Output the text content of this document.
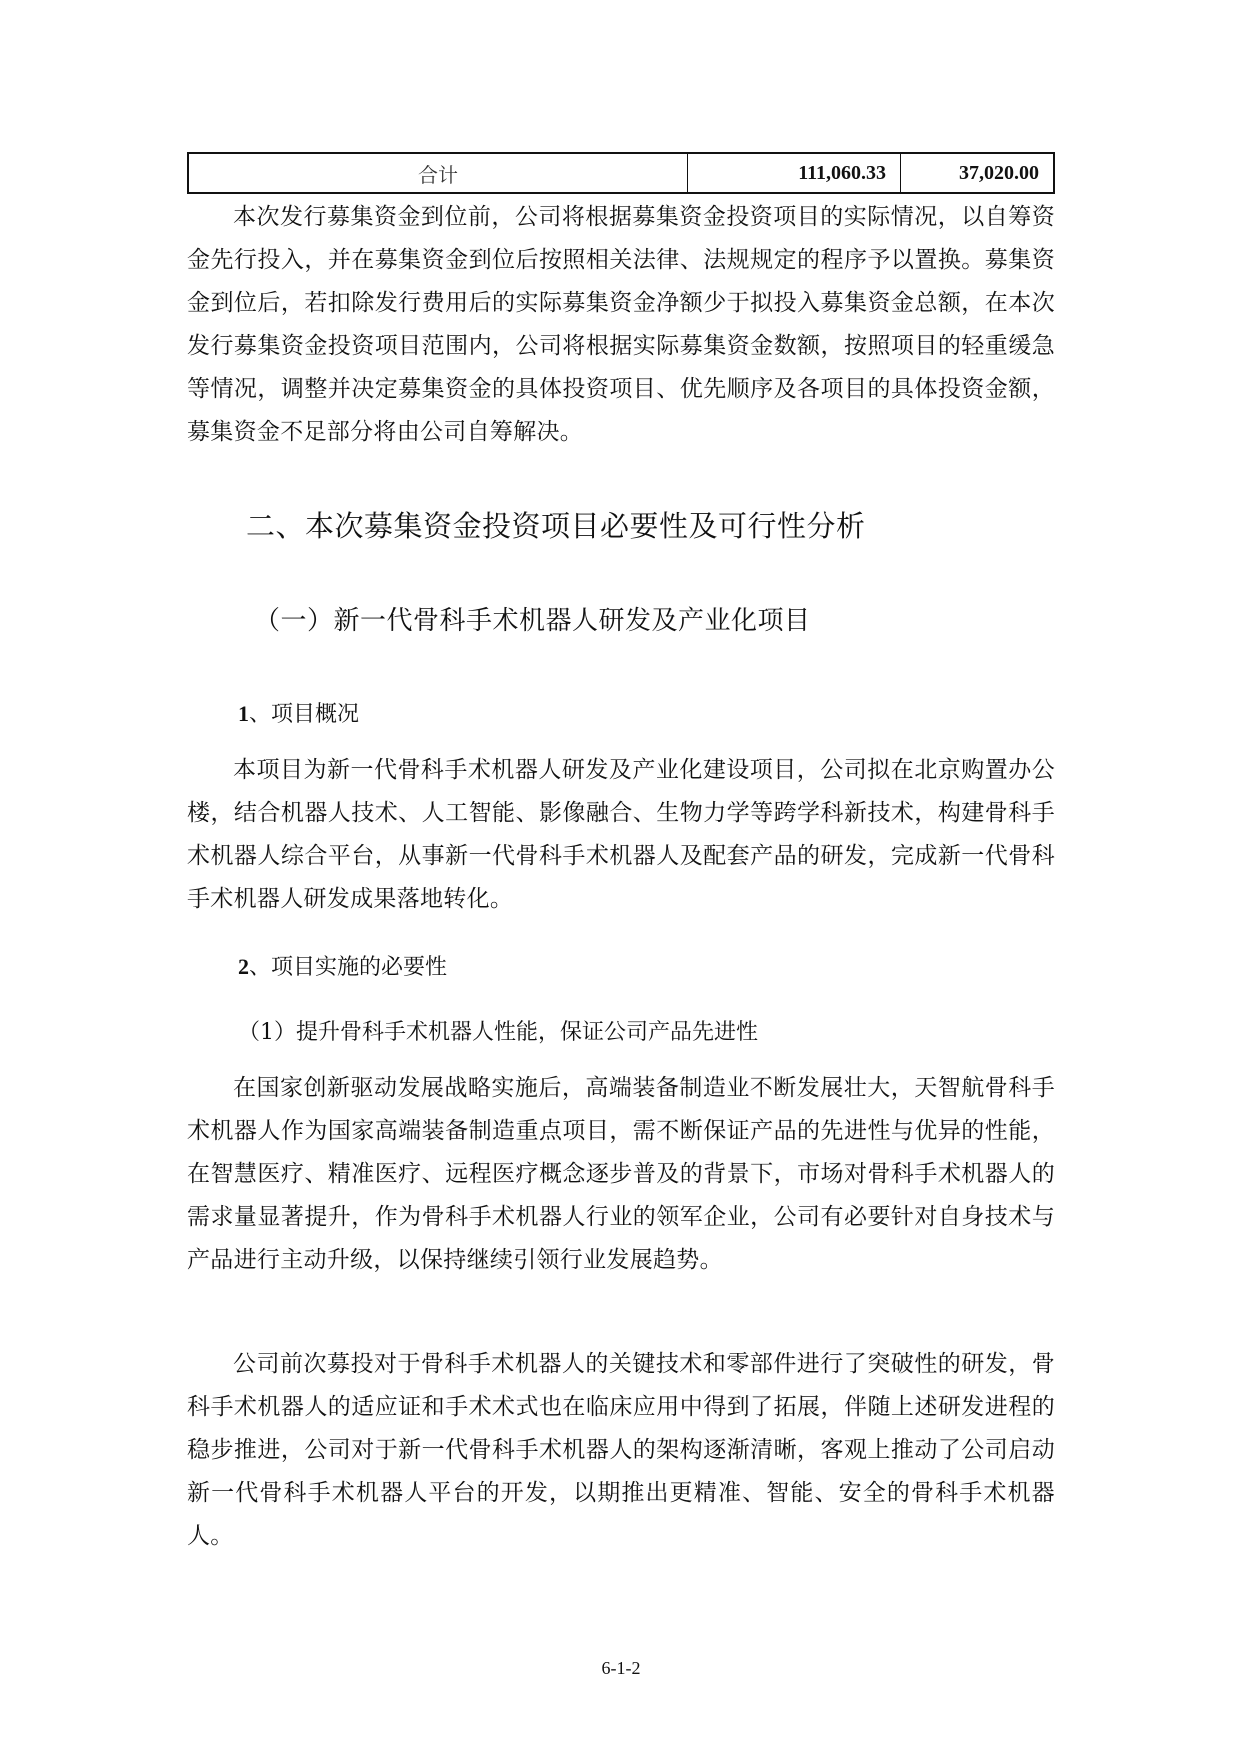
合计	111,060.33	37,020.00

本次发行募集资金到位前，公司将根据募集资金投资项目的实际情况，以自筹资金先行投入，并在募集资金到位后按照相关法律、法规规定的程序予以置换。募集资金到位后，若扣除发行费用后的实际募集资金净额少于拟投入募集资金总额，在本次发行募集资金投资项目范围内，公司将根据实际募集资金数额，按照项目的轻重缓急等情况，调整并决定募集资金的具体投资项目、优先顺序及各项目的具体投资金额，募集资金不足部分将由公司自筹解决。

二、本次募集资金投资项目必要性及可行性分析
（一）新一代骨科手术机器人研发及产业化项目
1、项目概况

本项目为新一代骨科手术机器人研发及产业化建设项目，公司拟在北京购置办公楼，结合机器人技术、人工智能、影像融合、生物力学等跨学科新技术，构建骨科手术机器人综合平台，从事新一代骨科手术机器人及配套产品的研发，完成新一代骨科手术机器人研发成果落地转化。

2、项目实施的必要性

（1）提升骨科手术机器人性能，保证公司产品先进性

在国家创新驱动发展战略实施后，高端装备制造业不断发展壮大，天智航骨科手术机器人作为国家高端装备制造重点项目，需不断保证产品的先进性与优异的性能，在智慧医疗、精准医疗、远程医疗概念逐步普及的背景下，市场对骨科手术机器人的需求量显著提升，作为骨科手术机器人行业的领军企业，公司有必要针对自身技术与产品进行主动升级，以保持继续引领行业发展趋势。

公司前次募投对于骨科手术机器人的关键技术和零部件进行了突破性的研发，骨科手术机器人的适应证和手术术式也在临床应用中得到了拓展，伴随上述研发进程的稳步推进，公司对于新一代骨科手术机器人的架构逐渐清晰，客观上推动了公司启动新一代骨科手术机器人平台的开发，以期推出更精准、智能、安全的骨科手术机器人。

6-1-2
